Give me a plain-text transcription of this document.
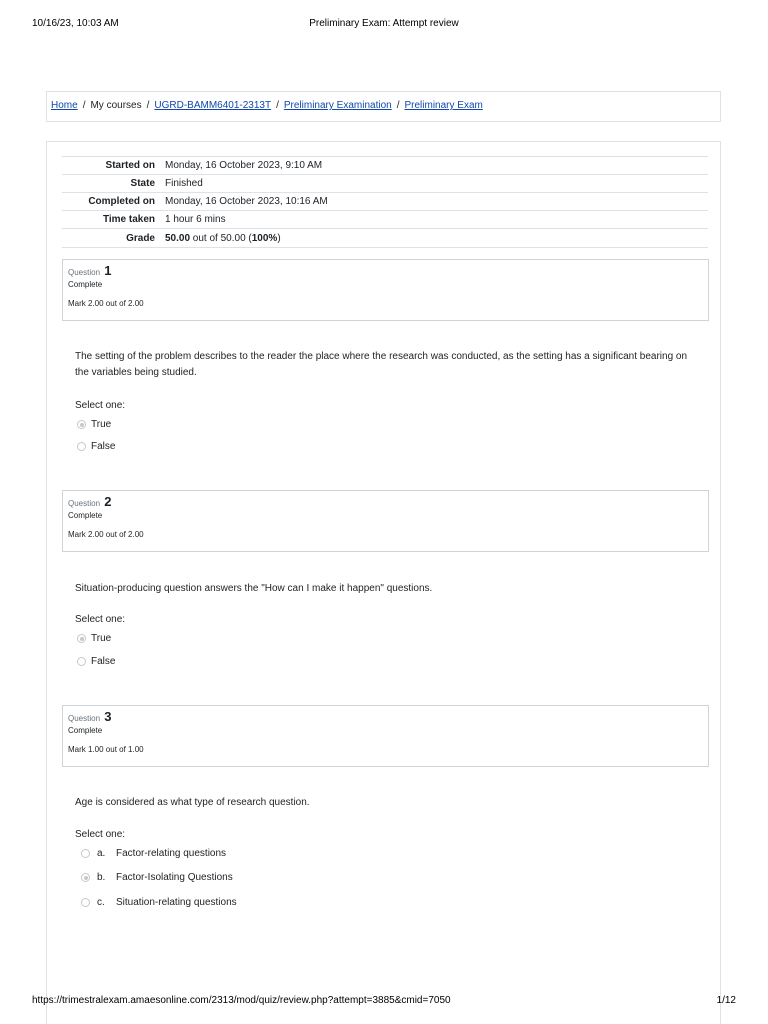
10/16/23, 10:03 AM	Preliminary Exam: Attempt review
Home / My courses / UGRD-BAMM6401-2313T / Preliminary Examination / Preliminary Exam
Started on	Monday, 16 October 2023, 9:10 AM
State	Finished
Completed on	Monday, 16 October 2023, 10:16 AM
Time taken	1 hour 6 mins
Grade	50.00 out of 50.00 (100%)
Question 1
Complete
Mark 2.00 out of 2.00
The setting of the problem describes to the reader the place where the research was conducted, as the setting has a significant bearing on the variables being studied.
Select one:
True
False
Question 2
Complete
Mark 2.00 out of 2.00
Situation-producing question answers the "How can I make it happen" questions.
Select one:
True
False
Question 3
Complete
Mark 1.00 out of 1.00
Age is considered as what type of research question.
Select one:
a.	Factor-relating questions
b.	Factor-Isolating Questions
c.	Situation-relating questions
https://trimestralexam.amaesonline.com/2313/mod/quiz/review.php?attempt=3885&cmid=7050	1/12
